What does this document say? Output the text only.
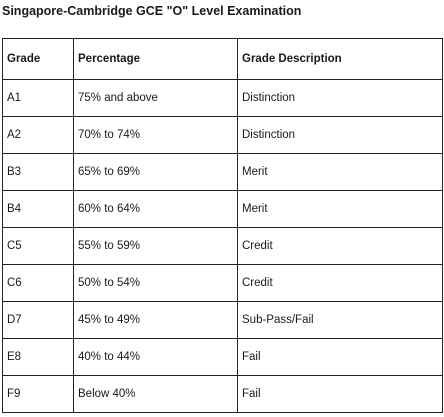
Singapore-Cambridge GCE "O" Level Examination
Grade	Percentage	Grade Description
A1	75% and above	Distinction
A2	70% to 74%	Distinction
B3	65% to 69%	Merit
B4	60% to 64%	Merit
C5	55% to 59%	Credit
C6	50% to 54%	Credit
D7	45% to 49%	Sub-Pass/Fail
E8	40% to 44%	Fail
F9	Below 40%	Fail
